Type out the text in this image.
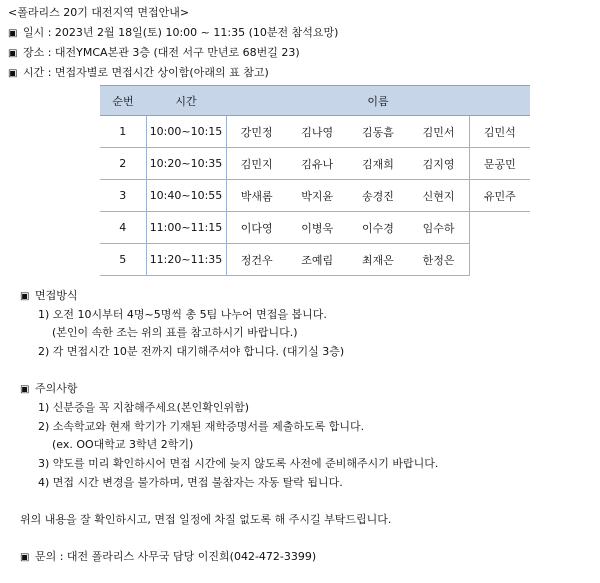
<폴라리스 20기 대전지역 면접안내>
▣ 일시 : 2023년 2월 18일(토) 10:00 ~ 11:35 (10분전 참석요망)
▣ 장소 : 대전YMCA본관 3층 (대전 서구 만년로 68번길 23)
▣ 시간 : 면접자별로 면접시간 상이함(아래의 표 참고)
순번	시간	이름				
1	10:00~10:15	강민정	김나영	김동흠	김민서	김민석
2	10:20~10:35	김민지	김유나	김재희	김지영	문공민
3	10:40~10:55	박새롬	박지윤	송경진	신현지	유민주
4	11:00~11:15	이다영	이병욱	이수경	임수하	
5	11:20~11:35	정건우	조예림	최재은	한정은	
▣ 면접방식
1) 오전 10시부터 4명~5명씩 총 5팀 나누어 면접을 봅니다.
(본인이 속한 조는 위의 표를 참고하시기 바랍니다.)
2) 각 면접시간 10분 전까지 대기해주셔야 합니다. (대기실 3층)
▣ 주의사항
1) 신분증을 꼭 지참해주세요(본인확인위함)
2) 소속학교와 현재 학기가 기재된 재학증명서를 제출하도록 합니다.
(ex. OO대학교 3학년 2학기)
3) 약도를 미리 확인하시어 면접 시간에 늦지 않도록 사전에 준비해주시기 바랍니다.
4) 면접 시간 변경을 불가하며, 면접 불참자는 자동 탈락 됩니다.
위의 내용을 잘 확인하시고, 면접 일정에 차질 없도록 해 주시길 부탁드립니다.
▣ 문의 : 대전 폴라리스 사무국 담당 이진희(042-472-3399)
